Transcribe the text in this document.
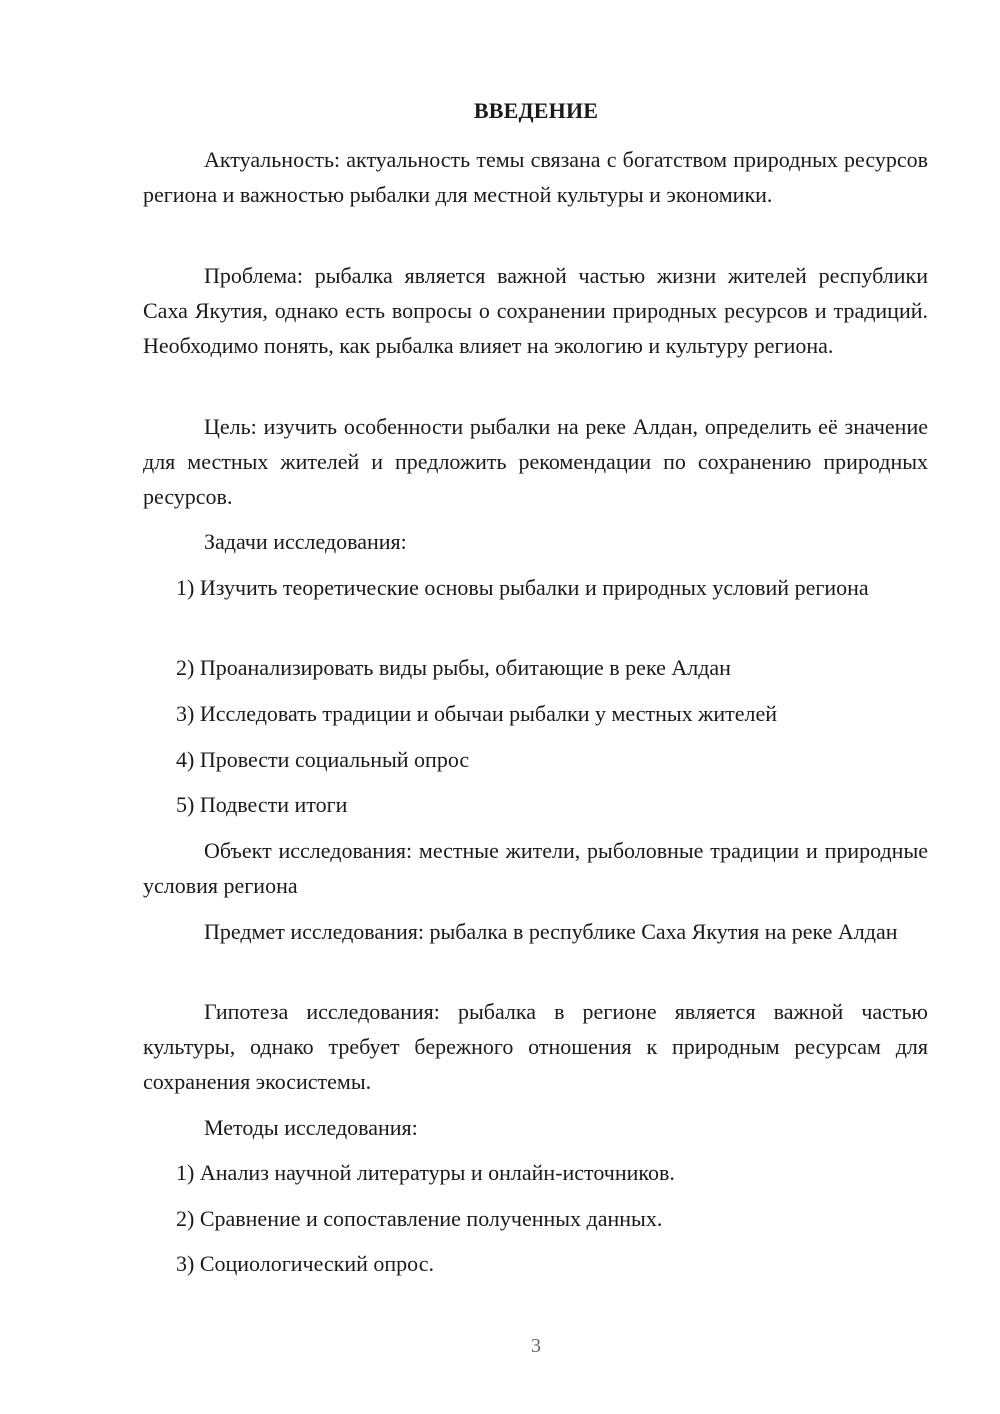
ВВЕДЕНИЕ

Актуальность: актуальность темы связана с богатством природных ресурсов региона и важностью рыбалки для местной культуры и экономики.

Проблема: рыбалка является важной частью жизни жителей республики Саха Якутия, однако есть вопросы о сохранении природных ресурсов и традиций. Необходимо понять, как рыбалка влияет на экологию и культуру региона.

Цель: изучить особенности рыбалки на реке Алдан, определить её значение для местных жителей и предложить рекомендации по сохранению природных ресурсов.

Задачи исследования:

1) Изучить теоретические основы рыбалки и природных условий региона

2) Проанализировать виды рыбы, обитающие в реке Алдан

3) Исследовать традиции и обычаи рыбалки у местных жителей

4) Провести социальный опрос

5) Подвести итоги

Объект исследования: местные жители, рыболовные традиции и природные условия региона

Предмет исследования: рыбалка в республике Саха Якутия на реке Алдан

Гипотеза исследования: рыбалка в регионе является важной частью культуры, однако требует бережного отношения к природным ресурсам для сохранения экосистемы.

Методы исследования:

1) Анализ научной литературы и онлайн-источников.

2) Сравнение и сопоставление полученных данных.

3) Социологический опрос.

3
